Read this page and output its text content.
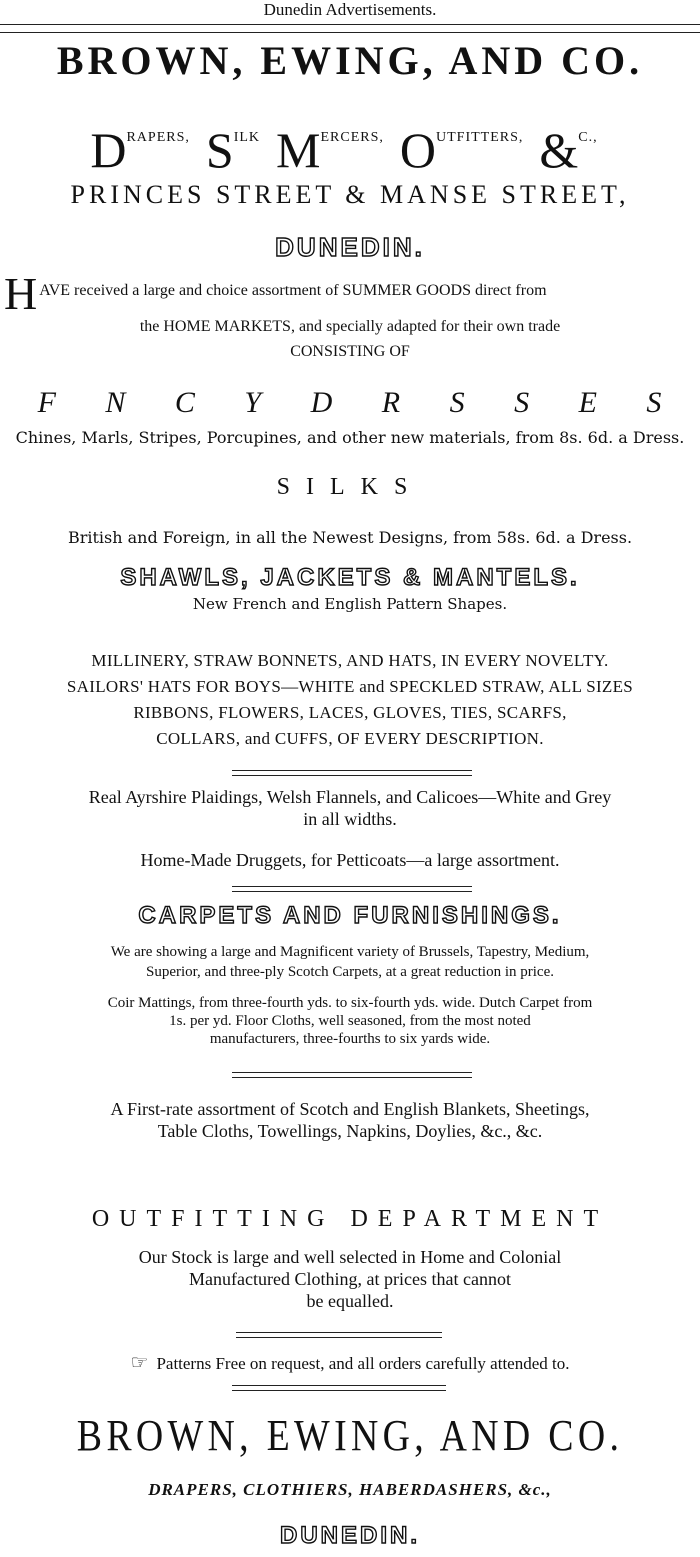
Dunedin Advertisements.
BROWN, EWING, AND CO.
DRAPERS, SILK MERCERS, OUTFITTERS, &C.,
PRINCES STREET & MANSE STREET,
DUNEDIN.
H AVE received a large and choice assortment of SUMMER GOODS direct from
the HOME MARKETS, and specially adapted for their own trade
CONSISTING OF
F N C Y D R S S E S
Chines, Marls, Stripes, Porcupines, and other new materials, from 8s. 6d. a Dress.
SILKS
British and Foreign, in all the Newest Designs, from 58s. 6d. a Dress.
SHAWLS, JACKETS & MANTELS.
New French and English Pattern Shapes.
MILLINERY, STRAW BONNETS, AND HATS, IN EVERY NOVELTY.
SAILORS' HATS FOR BOYS—WHITE and SPECKLED STRAW, ALL SIZES
RIBBONS, FLOWERS, LACES, GLOVES, TIES, SCARFS,
COLLARS, and CUFFS, OF EVERY DESCRIPTION.
Real Ayrshire Plaidings, Welsh Flannels, and Calicoes—White and Grey
in all widths.
Home-Made Druggets, for Petticoats—a large assortment.
CARPETS AND FURNISHINGS.
We are showing a large and Magnificent variety of Brussels, Tapestry, Medium,
Superior, and three-ply Scotch Carpets, at a great reduction in price.
Coir Mattings, from three-fourth yds. to six-fourth yds. wide. Dutch Carpet from
1s. per yd. Floor Cloths, well seasoned, from the most noted
manufacturers, three-fourths to six yards wide.
A First-rate assortment of Scotch and English Blankets, Sheetings,
Table Cloths, Towellings, Napkins, Doylies, &c., &c.
OUTFITTING DEPARTMENT
Our Stock is large and well selected in Home and Colonial
Manufactured Clothing, at prices that cannot
be equalled.
☞ Patterns Free on request, and all orders carefully attended to.
BROWN, EWING, AND CO.
DRAPERS, CLOTHIERS, HABERDASHERS, &c.,
DUNEDIN.
